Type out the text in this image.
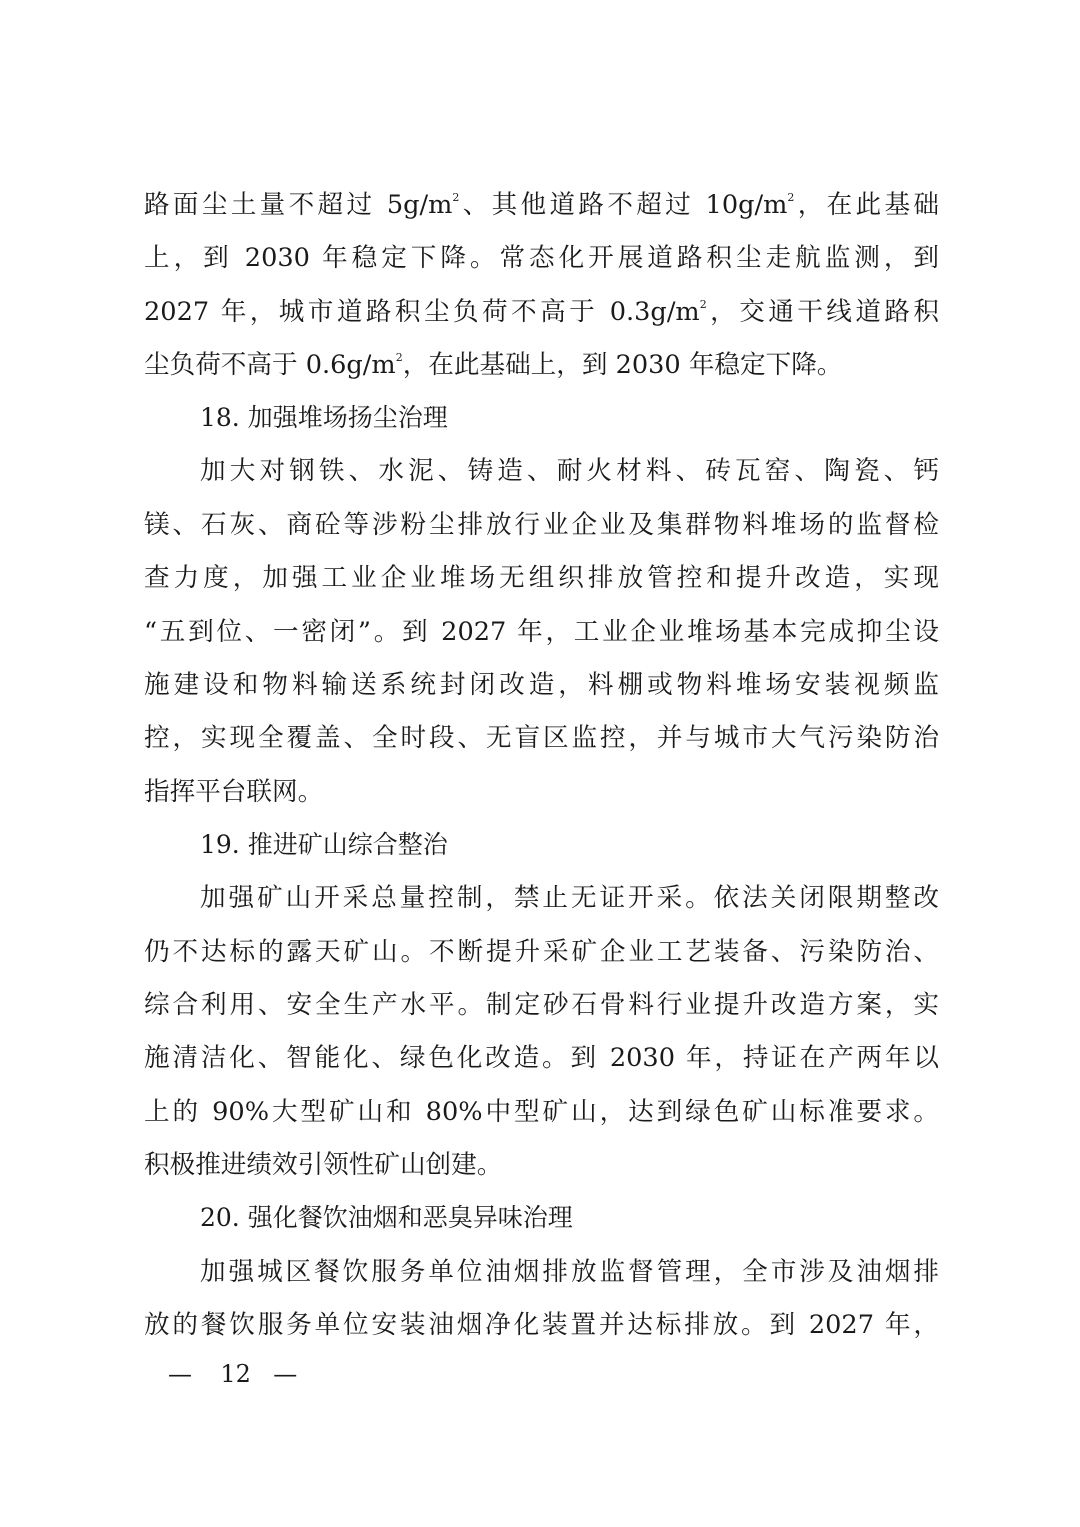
路面尘土量不超过 $5g/m^2$、其他道路不超过 $10g/m^2$，在此基础
上，到 2030 年稳定下降。常态化开展道路积尘走航监测，到
2027 年，城市道路积尘负荷不高于 $0.3g/m^2$，交通干线道路积
尘负荷不高于 $0.6g/m^2$，在此基础上，到 2030 年稳定下降。
18. 加强堆场扬尘治理
加大对钢铁、水泥、铸造、耐火材料、砖瓦窑、陶瓷、钙
镁、石灰、商砼等涉粉尘排放行业企业及集群物料堆场的监督检
查力度，加强工业企业堆场无组织排放管控和提升改造，实现
“五到位、一密闭”。到 2027 年，工业企业堆场基本完成抑尘设
施建设和物料输送系统封闭改造，料棚或物料堆场安装视频监
控，实现全覆盖、全时段、无盲区监控，并与城市大气污染防治
指挥平台联网。
19. 推进矿山综合整治
加强矿山开采总量控制，禁止无证开采。依法关闭限期整改
仍不达标的露天矿山。不断提升采矿企业工艺装备、污染防治、
综合利用、安全生产水平。制定砂石骨料行业提升改造方案，实
施清洁化、智能化、绿色化改造。到 2030 年，持证在产两年以
上的 90%大型矿山和 80%中型矿山，达到绿色矿山标准要求。
积极推进绩效引领性矿山创建。
20. 强化餐饮油烟和恶臭异味治理
加强城区餐饮服务单位油烟排放监督管理，全市涉及油烟排
放的餐饮服务单位安装油烟净化装置并达标排放。到 2027 年，
— 12 —
